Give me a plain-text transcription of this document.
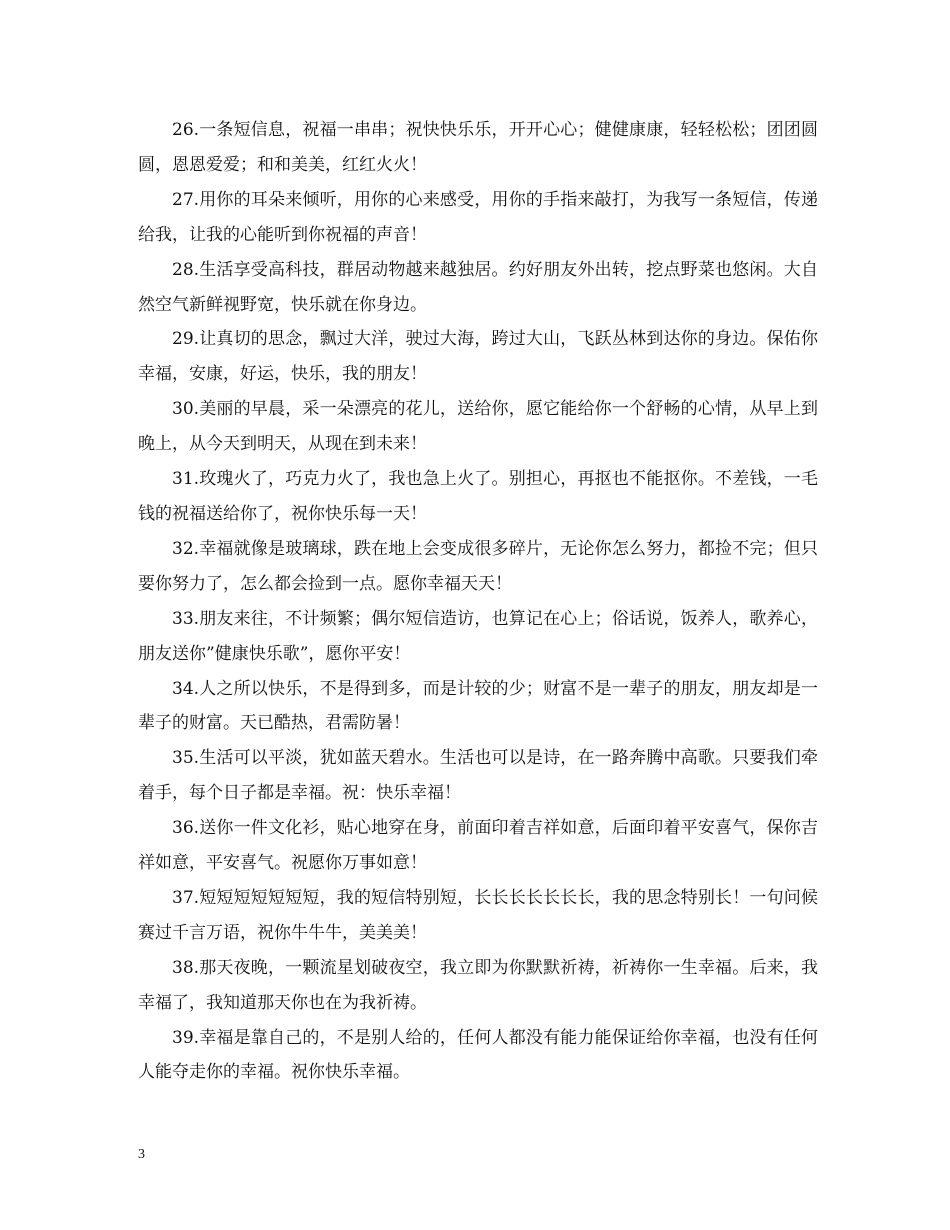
26.一条短信息，祝福一串串；祝快快乐乐，开开心心；健健康康，轻轻松松；团团圆圆，恩恩爱爱；和和美美，红红火火！

27.用你的耳朵来倾听，用你的心来感受，用你的手指来敲打，为我写一条短信，传递给我，让我的心能听到你祝福的声音！

28.生活享受高科技，群居动物越来越独居。约好朋友外出转，挖点野菜也悠闲。大自然空气新鲜视野宽，快乐就在你身边。

29.让真切的思念，飘过大洋，驶过大海，跨过大山，飞跃丛林到达你的身边。保佑你幸福，安康，好运，快乐，我的朋友！

30.美丽的早晨，采一朵漂亮的花儿，送给你，愿它能给你一个舒畅的心情，从早上到晚上，从今天到明天，从现在到未来！

31.玫瑰火了，巧克力火了，我也急上火了。别担心，再抠也不能抠你。不差钱，一毛钱的祝福送给你了，祝你快乐每一天！

32.幸福就像是玻璃球，跌在地上会变成很多碎片，无论你怎么努力，都捡不完；但只要你努力了，怎么都会捡到一点。愿你幸福天天！

33.朋友来往，不计频繁；偶尔短信造访，也算记在心上；俗话说，饭养人，歌养心，朋友送你”健康快乐歌”，愿你平安！

34.人之所以快乐，不是得到多，而是计较的少；财富不是一辈子的朋友，朋友却是一辈子的财富。天已酷热，君需防暑！

35.生活可以平淡，犹如蓝天碧水。生活也可以是诗，在一路奔腾中高歌。只要我们牵着手，每个日子都是幸福。祝：快乐幸福！

36.送你一件文化衫，贴心地穿在身，前面印着吉祥如意，后面印着平安喜气，保你吉祥如意，平安喜气。祝愿你万事如意！

37.短短短短短短短，我的短信特别短，长长长长长长长，我的思念特别长！一句问候赛过千言万语，祝你牛牛牛，美美美！

38.那天夜晚，一颗流星划破夜空，我立即为你默默祈祷，祈祷你一生幸福。后来，我幸福了，我知道那天你也在为我祈祷。

39.幸福是靠自己的，不是别人给的，任何人都没有能力能保证给你幸福，也没有任何人能夺走你的幸福。祝你快乐幸福。

3
